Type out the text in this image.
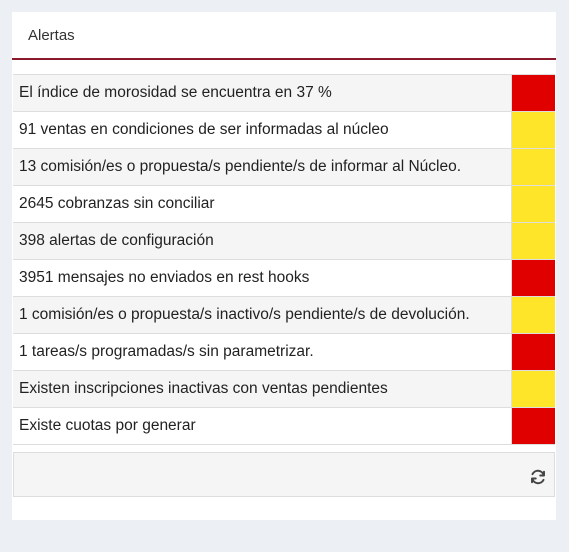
Alertas
El índice de morosidad se encuentra en 37 %
91 ventas en condiciones de ser informadas al núcleo
13 comisión/es o propuesta/s pendiente/s de informar al Núcleo.
2645 cobranzas sin conciliar
398 alertas de configuración
3951 mensajes no enviados en rest hooks
1 comisión/es o propuesta/s inactivo/s pendiente/s de devolución.
1 tareas/s programadas/s sin parametrizar.
Existen inscripciones inactivas con ventas pendientes
Existe cuotas por generar
